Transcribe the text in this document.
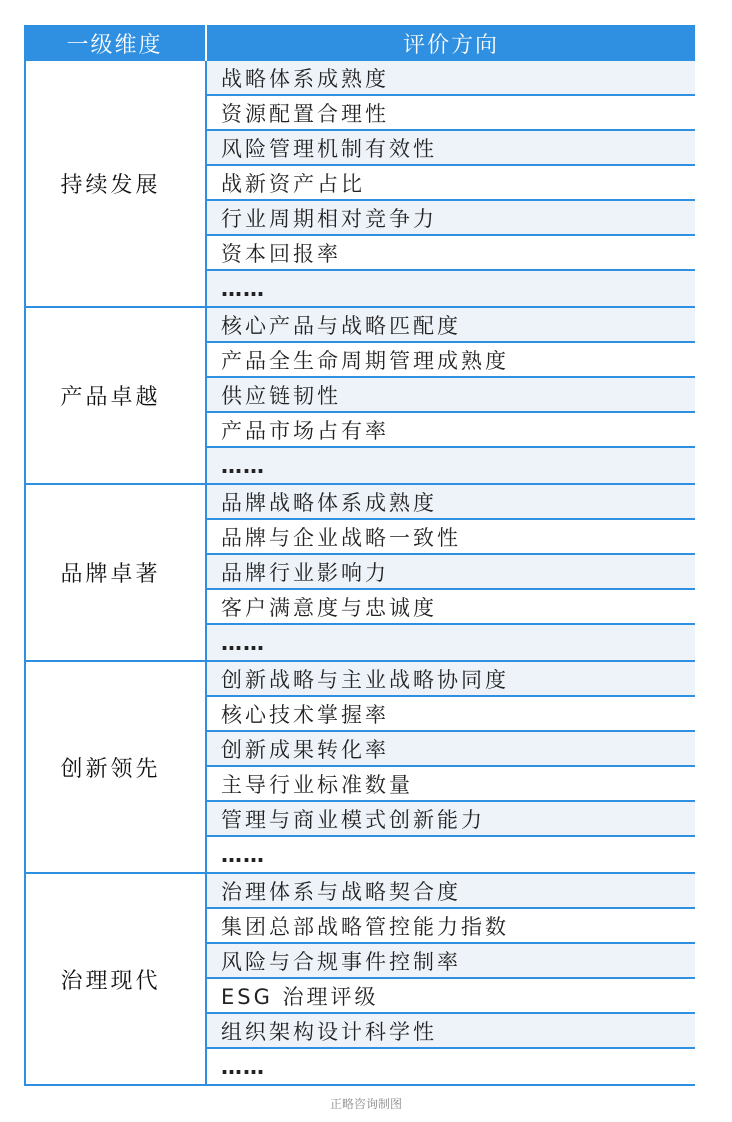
一级维度	评价方向
持续发展
战略体系成熟度
资源配置合理性
风险管理机制有效性
战新资产占比
行业周期相对竞争力
资本回报率
……
产品卓越
核心产品与战略匹配度
产品全生命周期管理成熟度
供应链韧性
产品市场占有率
……
品牌卓著
品牌战略体系成熟度
品牌与企业战略一致性
品牌行业影响力
客户满意度与忠诚度
……
创新领先
创新战略与主业战略协同度
核心技术掌握率
创新成果转化率
主导行业标准数量
管理与商业模式创新能力
……
治理现代
治理体系与战略契合度
集团总部战略管控能力指数
风险与合规事件控制率
ESG 治理评级
组织架构设计科学性
……
正略咨询制图
